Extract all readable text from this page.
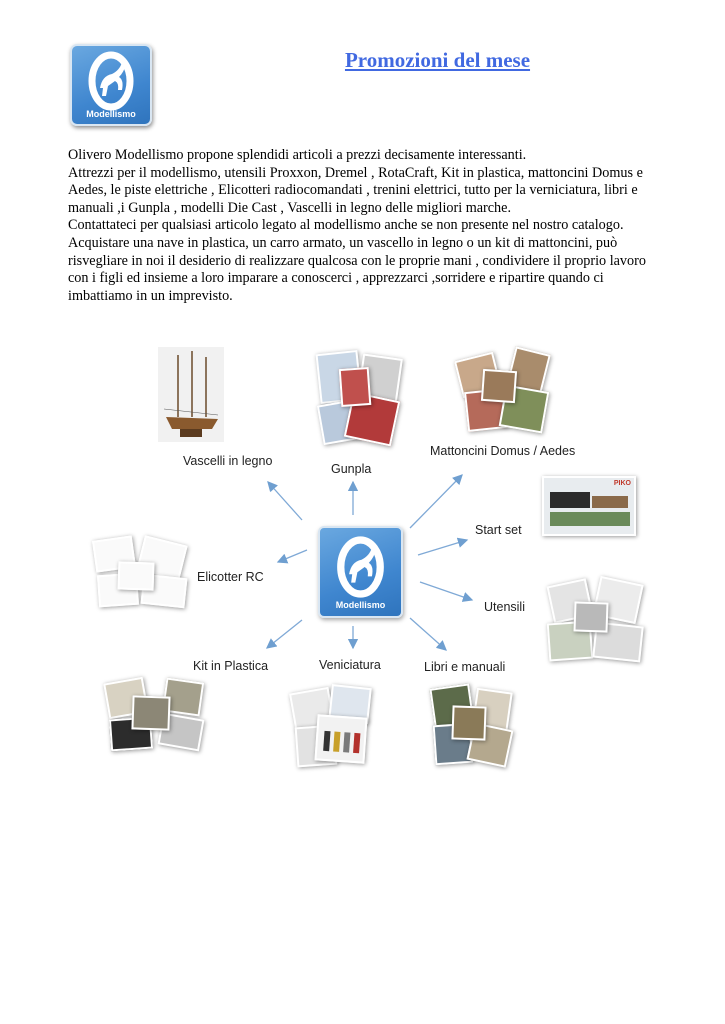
Modellismo
Promozioni del mese

Olivero Modellismo propone splendidi articoli a prezzi decisamente interessanti.

Attrezzi per il modellismo, utensili Proxxon, Dremel , RotaCraft, Kit in plastica, mattoncini Domus e Aedes, le piste elettriche , Elicotteri radiocomandati , trenini elettrici, tutto per la verniciatura, libri e manuali ,i Gunpla , modelli Die Cast , Vascelli in legno delle migliori marche.

Contattateci per qualsiasi articolo legato al modellismo anche se non presente nel nostro catalogo.

Acquistare una nave in plastica, un carro armato, un vascello in legno o un kit di mattoncini, può risvegliare in noi il desiderio di realizzare qualcosa con le proprie mani , condividere il proprio lavoro con i figli ed insieme a loro imparare a conoscerci , apprezzarci ,sorridere e ripartire quando ci imbattiamo in un imprevisto.

Vascelli in legno
Gunpla
Mattoncini Domus / Aedes
PIKO
Start set
Modellismo
Elicotter RC
Utensili
Kit in Plastica	Veniciatura	Libri e manuali
